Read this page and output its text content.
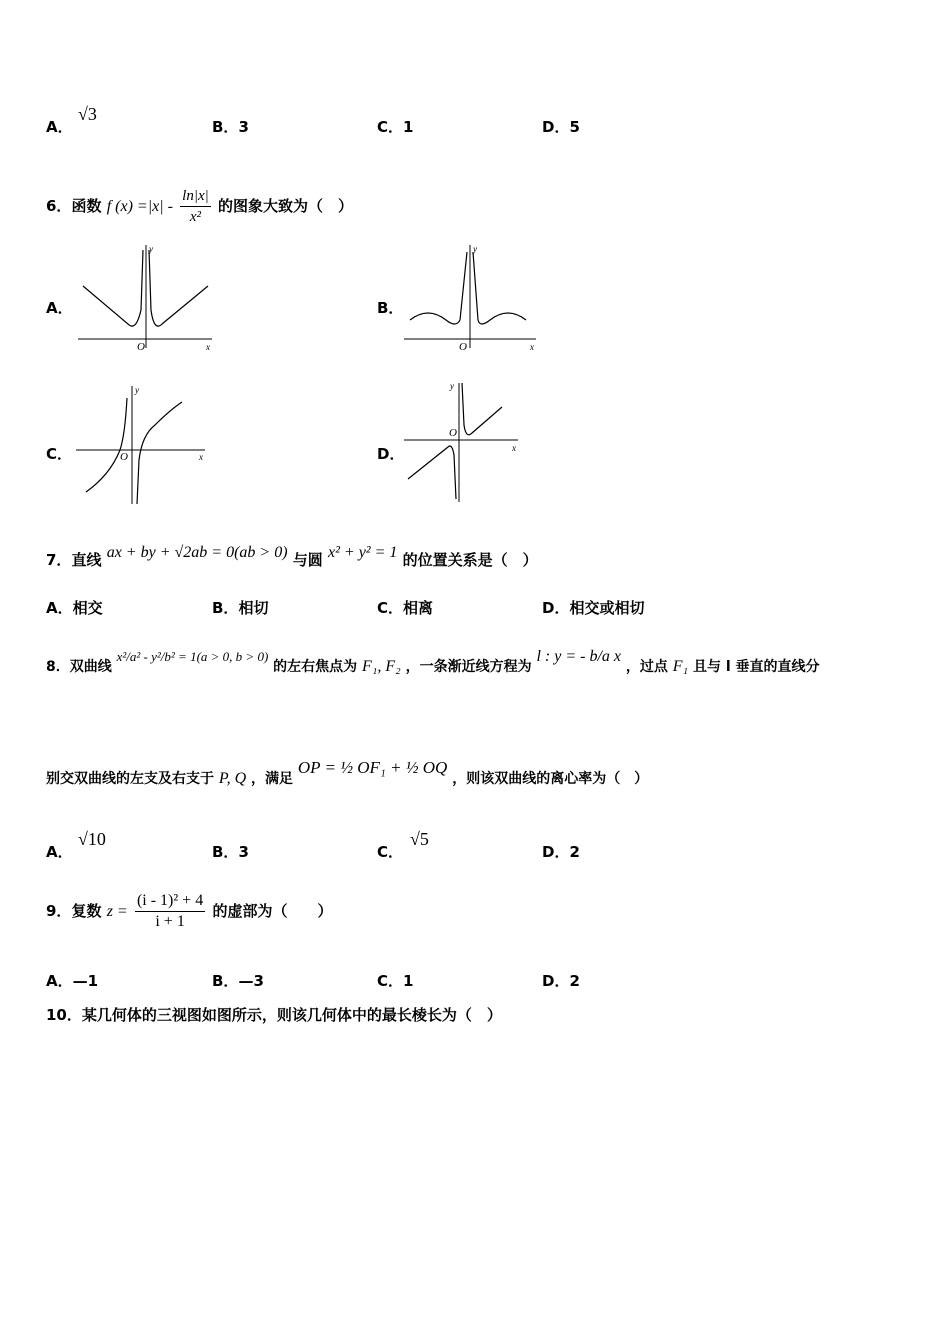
A．
√3
B．3	C．1	D．5
6．函数 f $(x) =|x| - \frac{\ln|x|}{\text{x²}}$ 的图象大致为（　）
A．	B．
C．	D．
y
x
O
y
x
O
y
x
O
y
x
O
7．直线 ax + by + √2ab = 0(ab > 0) 与圆 x² + y² = 1 的位置关系是（　）
A．相交	B．相切	C．相离	D．相交或相切
8．双曲线 x²/a² - y²/b² = 1(a > 0, b > 0) 的左右焦点为 F₁, F₂ ，一条渐近线方程为 l : y = - b/a x ，过点 F₁ 且与 l 垂直的直线分
别交双曲线的左支及右支于 P, Q ，满足 OP = ½ OF₁ + ½ OQ ，则该双曲线的离心率为（　）
A．
√10
B．3	C．
√5
D．2
9．复数 $z = \frac{\text{(i - 1)² + 4}}{i + 1}$ 的虚部为（　　）
A．—1	B．—3	C．1	D．2
10．某几何体的三视图如图所示，则该几何体中的最长棱长为（　）
